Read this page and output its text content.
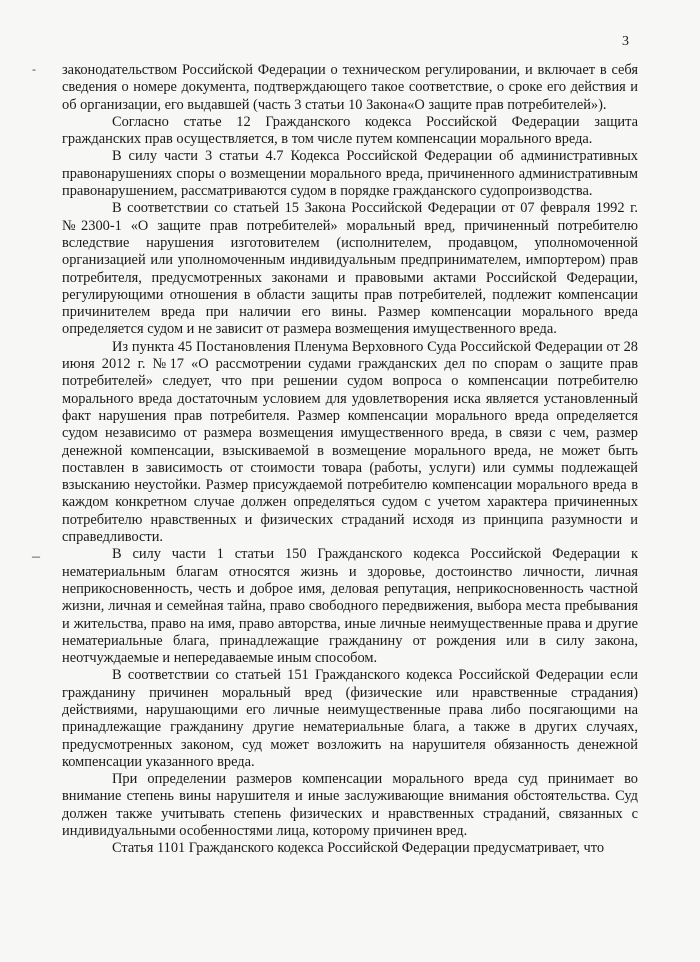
3
-
–

законодательством Российской Федерации о техническом регулировании, и включает в себя сведения о номере документа, подтверждающего такое соответствие, о сроке его действия и об организации, его выдавшей (часть 3 статьи 10 Закона«О защите прав потребителей»).

Согласно статье 12 Гражданского кодекса Российской Федерации защита гражданских прав осуществляется, в том числе путем компенсации морального вреда.

В силу части 3 статьи 4.7 Кодекса Российской Федерации об административных правонарушениях споры о возмещении морального вреда, причиненного административным правонарушением, рассматриваются судом в порядке гражданского судопроизводства.

В соответствии со статьей 15 Закона Российской Федерации от 07 февраля 1992 г. №2300-1 «О защите прав потребителей» моральный вред, причиненный потребителю вследствие нарушения изготовителем (исполнителем, продавцом, уполномоченной организацией или уполномоченным индивидуальным предпринимателем, импортером) прав потребителя, предусмотренных законами и правовыми актами Российской Федерации, регулирующими отношения в области защиты прав потребителей, подлежит компенсации причинителем вреда при наличии его вины. Размер компенсации морального вреда определяется судом и не зависит от размера возмещения имущественного вреда.

Из пункта 45 Постановления Пленума Верховного Суда Российской Федерации от 28 июня 2012 г. №17 «О рассмотрении судами гражданских дел по спорам о защите прав потребителей» следует, что при решении судом вопроса о компенсации потребителю морального вреда достаточным условием для удовлетворения иска является установленный факт нарушения прав потребителя. Размер компенсации морального вреда определяется судом независимо от размера возмещения имущественного вреда, в связи с чем, размер денежной компенсации, взыскиваемой в возмещение морального вреда, не может быть поставлен в зависимость от стоимости товара (работы, услуги) или суммы подлежащей взысканию неустойки. Размер присуждаемой потребителю компенсации морального вреда в каждом конкретном случае должен определяться судом с учетом характера причиненных потребителю нравственных и физических страданий исходя из принципа разумности и справедливости.

В силу части 1 статьи 150 Гражданского кодекса Российской Федерации к нематериальным благам относятся жизнь и здоровье, достоинство личности, личная неприкосновенность, честь и доброе имя, деловая репутация, неприкосновенность частной жизни, личная и семейная тайна, право свободного передвижения, выбора места пребывания и жительства, право на имя, право авторства, иные личные неимущественные права и другие нематериальные блага, принадлежащие гражданину от рождения или в силу закона, неотчуждаемые и непередаваемые иным способом.

В соответствии со статьей 151 Гражданского кодекса Российской Федерации если гражданину причинен моральный вред (физические или нравственные страдания) действиями, нарушающими его личные неимущественные права либо посягающими на принадлежащие гражданину другие нематериальные блага, а также в других случаях, предусмотренных законом, суд может возложить на нарушителя обязанность денежной компенсации указанного вреда.

При определении размеров компенсации морального вреда суд принимает во внимание степень вины нарушителя и иные заслуживающие внимания обстоятельства. Суд должен также учитывать степень физических и нравственных страданий, связанных с индивидуальными особенностями лица, которому причинен вред.

Статья 1101 Гражданского кодекса Российской Федерации предусматривает, что
